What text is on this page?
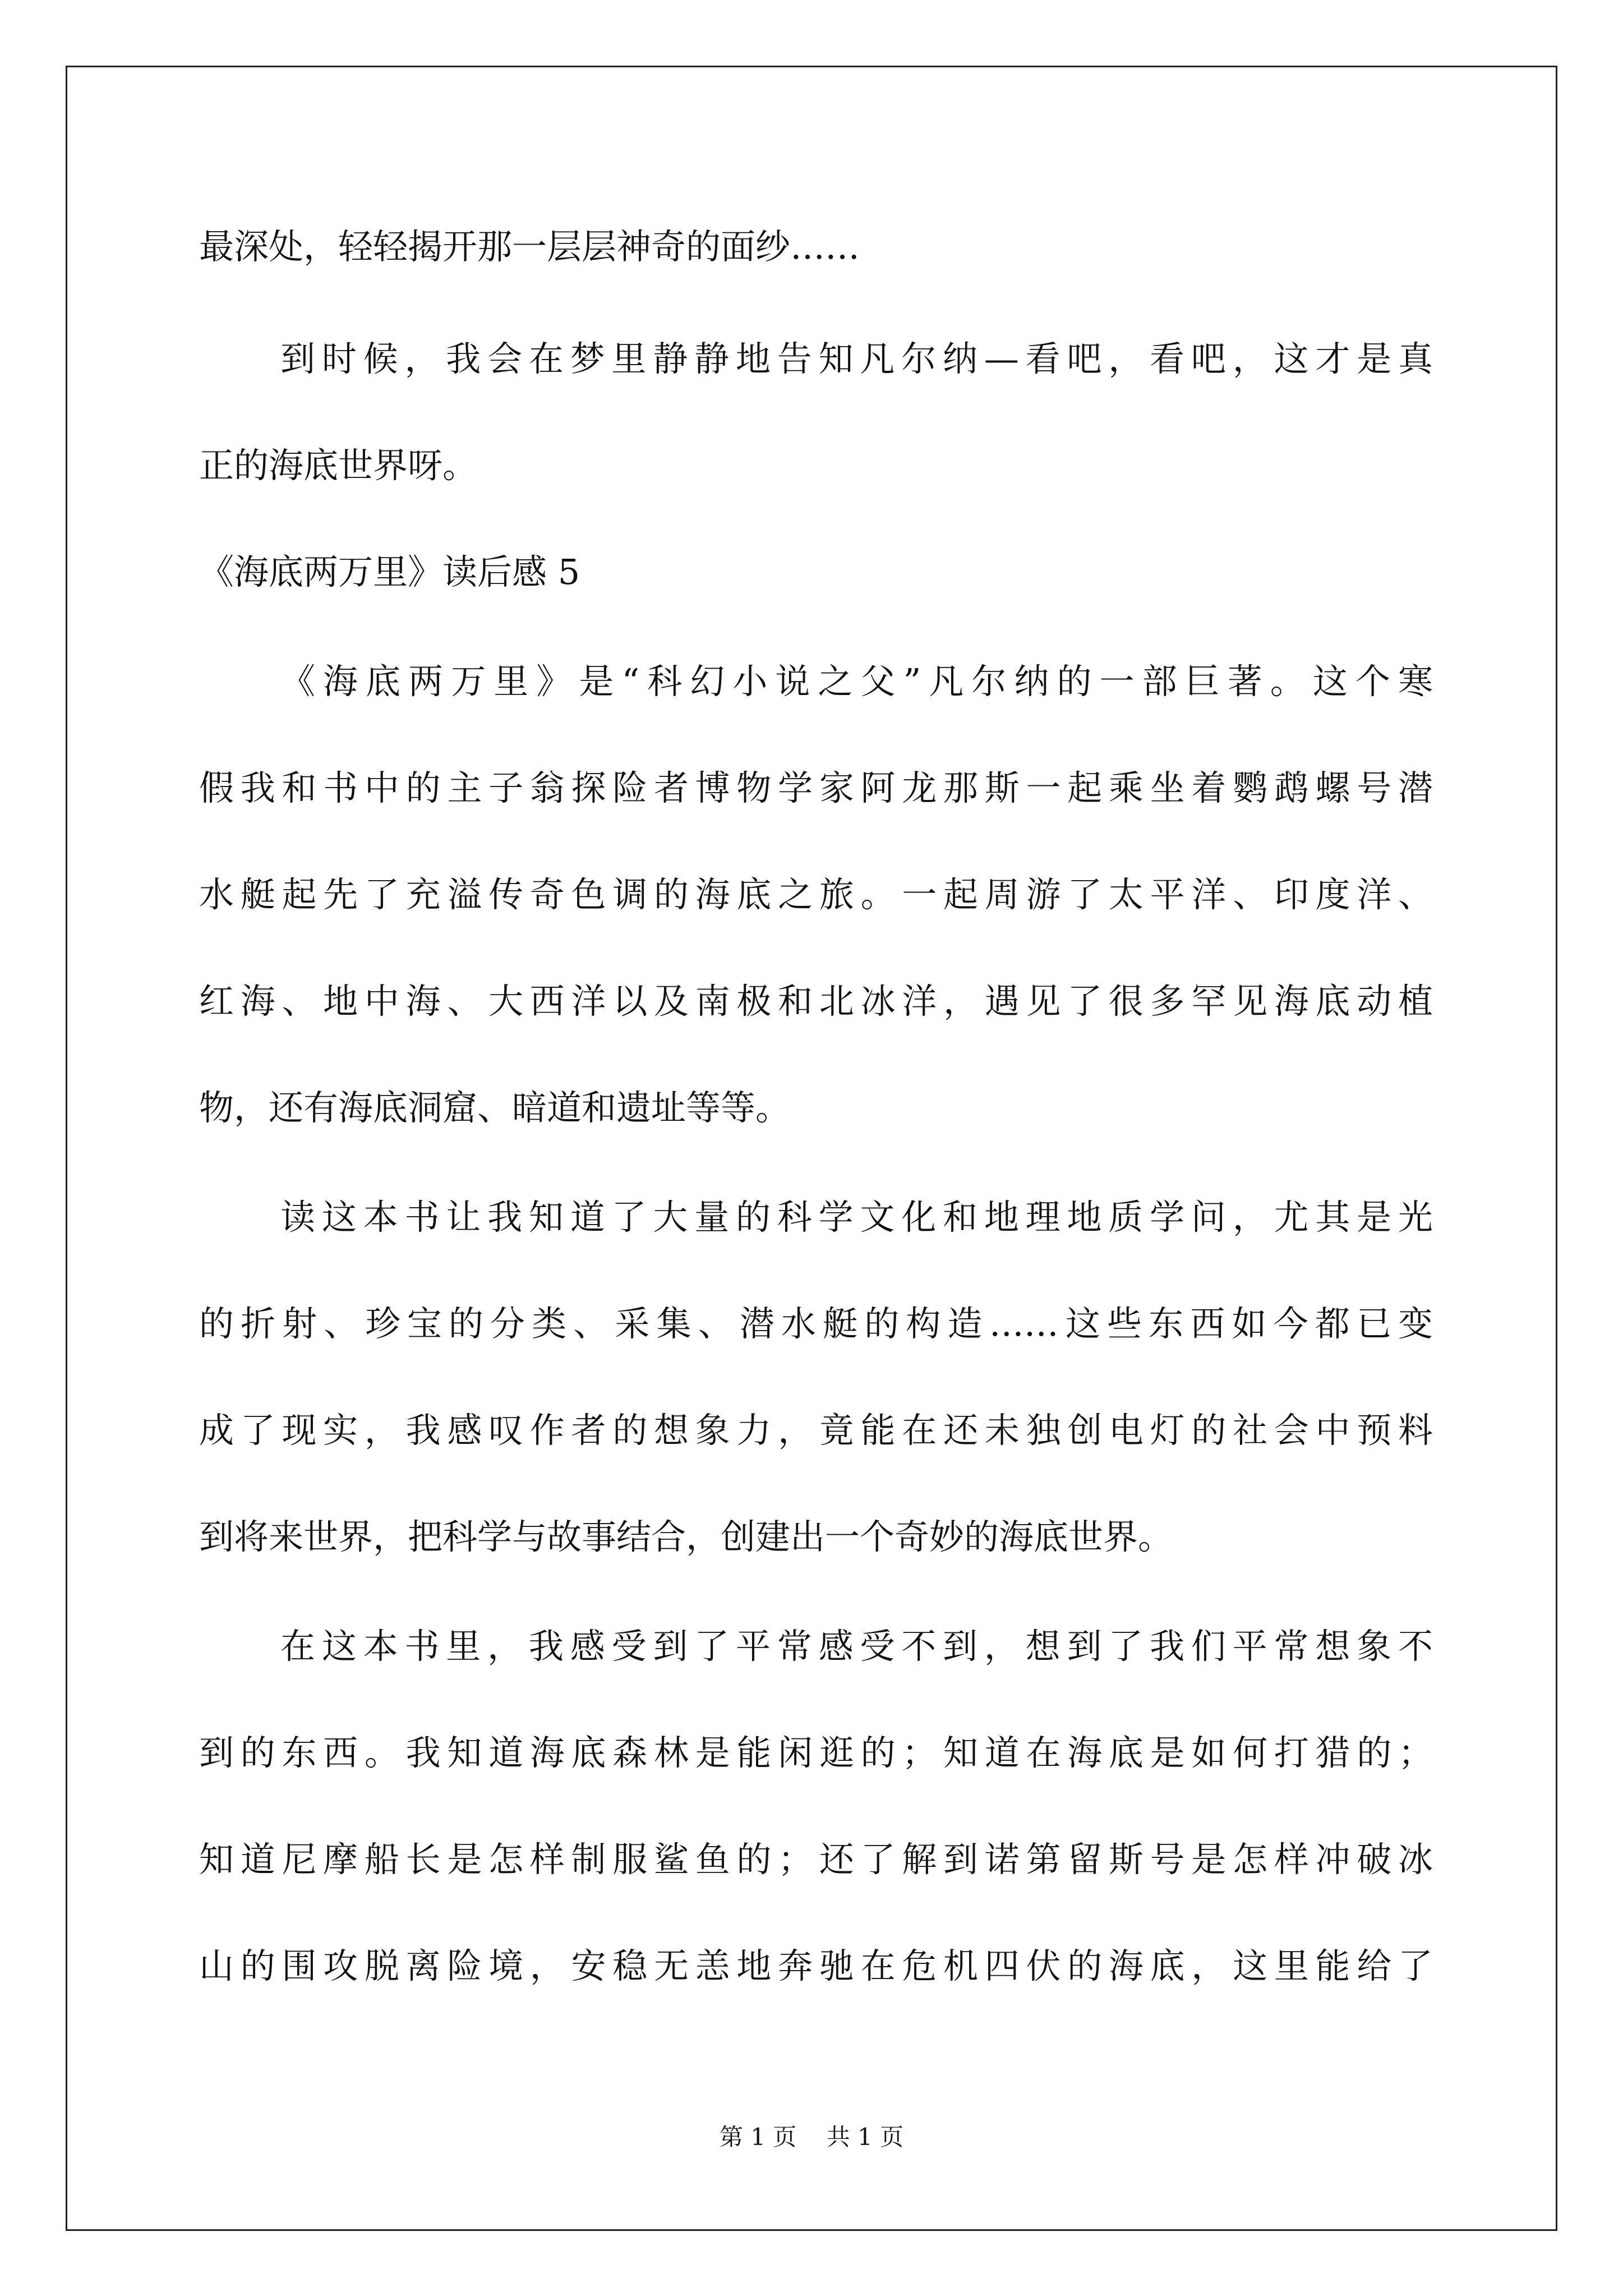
最深处，轻轻揭开那一层层神奇的面纱……
到时候，我会在梦里静静地告知凡尔纳—看吧，看吧，这才是真
正的海底世界呀。
《海底两万里》读后感 5
《海底两万里》是“科幻小说之父”凡尔纳的一部巨著。这个寒
假我和书中的主子翁探险者博物学家阿龙那斯一起乘坐着鹦鹉螺号潜
水艇起先了充溢传奇色调的海底之旅。一起周游了太平洋、印度洋、
红海、地中海、大西洋以及南极和北冰洋，遇见了很多罕见海底动植
物，还有海底洞窟、暗道和遗址等等。
读这本书让我知道了大量的科学文化和地理地质学问，尤其是光
的折射、珍宝的分类、采集、潜水艇的构造……这些东西如今都已变
成了现实，我感叹作者的想象力，竟能在还未独创电灯的社会中预料
到将来世界，把科学与故事结合，创建出一个奇妙的海底世界。
在这本书里，我感受到了平常感受不到，想到了我们平常想象不
到的东西。我知道海底森林是能闲逛的；知道在海底是如何打猎的；
知道尼摩船长是怎样制服鲨鱼的；还了解到诺第留斯号是怎样冲破冰
山的围攻脱离险境，安稳无恙地奔驰在危机四伏的海底，这里能给了
第 1 页    共 1 页
